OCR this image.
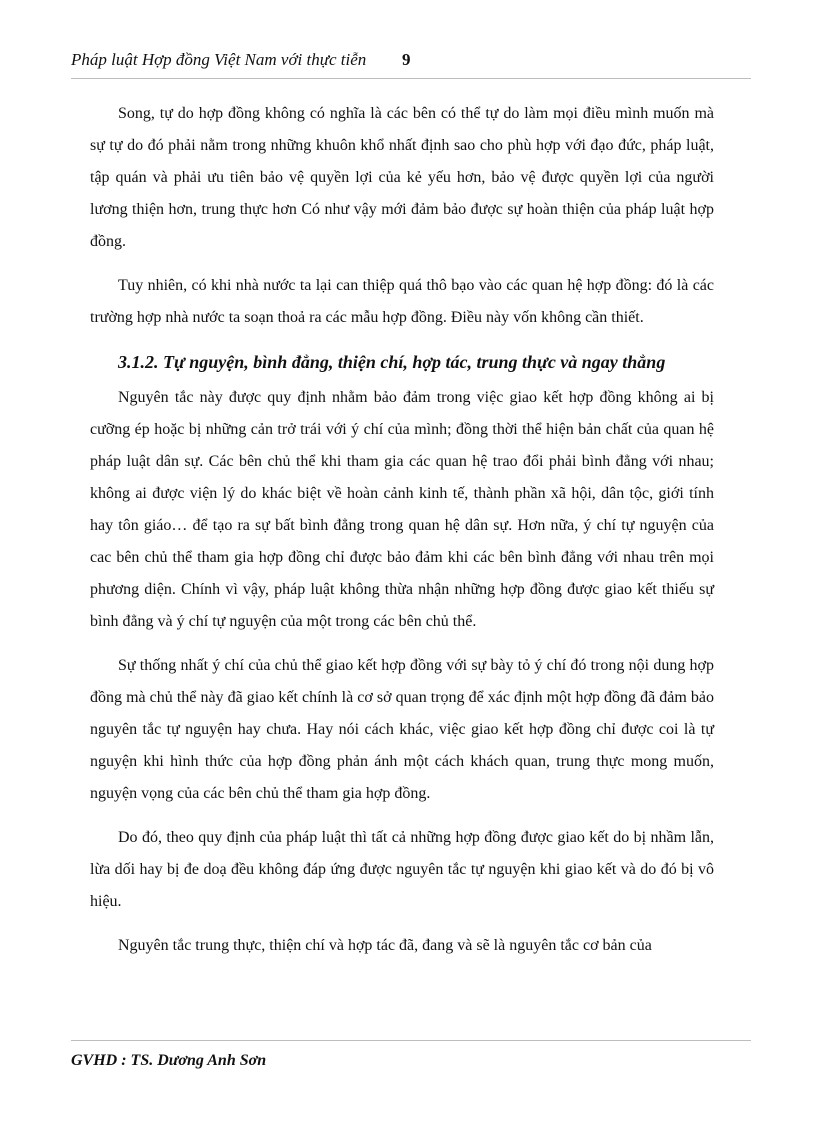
Pháp luật Hợp đồng Việt Nam với thực tiễn 9

Song, tự do hợp đồng không có nghĩa là các bên có thể tự do làm mọi điều mình muốn mà sự tự do đó phải nằm trong những khuôn khổ nhất định sao cho phù hợp với đạo đức, pháp luật, tập quán và phải ưu tiên bảo vệ quyền lợi của kẻ yếu hơn, bảo vệ được quyền lợi của người lương thiện hơn, trung thực hơn Có như vậy mới đảm bảo được sự hoàn thiện của pháp luật hợp đồng.

Tuy nhiên, có khi nhà nước ta lại can thiệp quá thô bạo vào các quan hệ hợp đồng: đó là các trường hợp nhà nước ta soạn thoả ra các mẫu hợp đồng. Điều này vốn không cần thiết.

3.1.2. Tự nguyện, bình đẳng, thiện chí, hợp tác, trung thực và ngay thẳng

Nguyên tắc này được quy định nhằm bảo đảm trong việc giao kết hợp đồng không ai bị cưỡng ép hoặc bị những cản trở trái với ý chí của mình; đồng thời thể hiện bản chất của quan hệ pháp luật dân sự. Các bên chủ thể khi tham gia các quan hệ trao đổi phải bình đẳng với nhau; không ai được viện lý do khác biệt về hoàn cảnh kinh tế, thành phần xã hội, dân tộc, giới tính hay tôn giáo… để tạo ra sự bất bình đẳng trong quan hệ dân sự. Hơn nữa, ý chí tự nguyện của cac bên chủ thể tham gia hợp đồng chỉ được bảo đảm khi các bên bình đẳng với nhau trên mọi phương diện. Chính vì vậy, pháp luật không thừa nhận những hợp đồng được giao kết thiếu sự bình đẳng và ý chí tự nguyện của một trong các bên chủ thể.

Sự thống nhất ý chí của chủ thể giao kết hợp đồng với sự bày tỏ ý chí đó trong nội dung hợp đồng mà chủ thể này đã giao kết chính là cơ sở quan trọng để xác định một hợp đồng đã đảm bảo nguyên tắc tự nguyện hay chưa. Hay nói cách khác, việc giao kết hợp đồng chỉ được coi là tự nguyện khi hình thức của hợp đồng phản ánh một cách khách quan, trung thực mong muốn, nguyện vọng của các bên chủ thể tham gia hợp đồng.

Do đó, theo quy định của pháp luật thì tất cả những hợp đồng được giao kết do bị nhầm lẫn, lừa dối hay bị đe doạ đều không đáp ứng được nguyên tắc tự nguyện khi giao kết và do đó bị vô hiệu.

Nguyên tắc trung thực, thiện chí và hợp tác đã, đang và sẽ là nguyên tắc cơ bản của

GVHD : TS. Dương Anh Sơn
